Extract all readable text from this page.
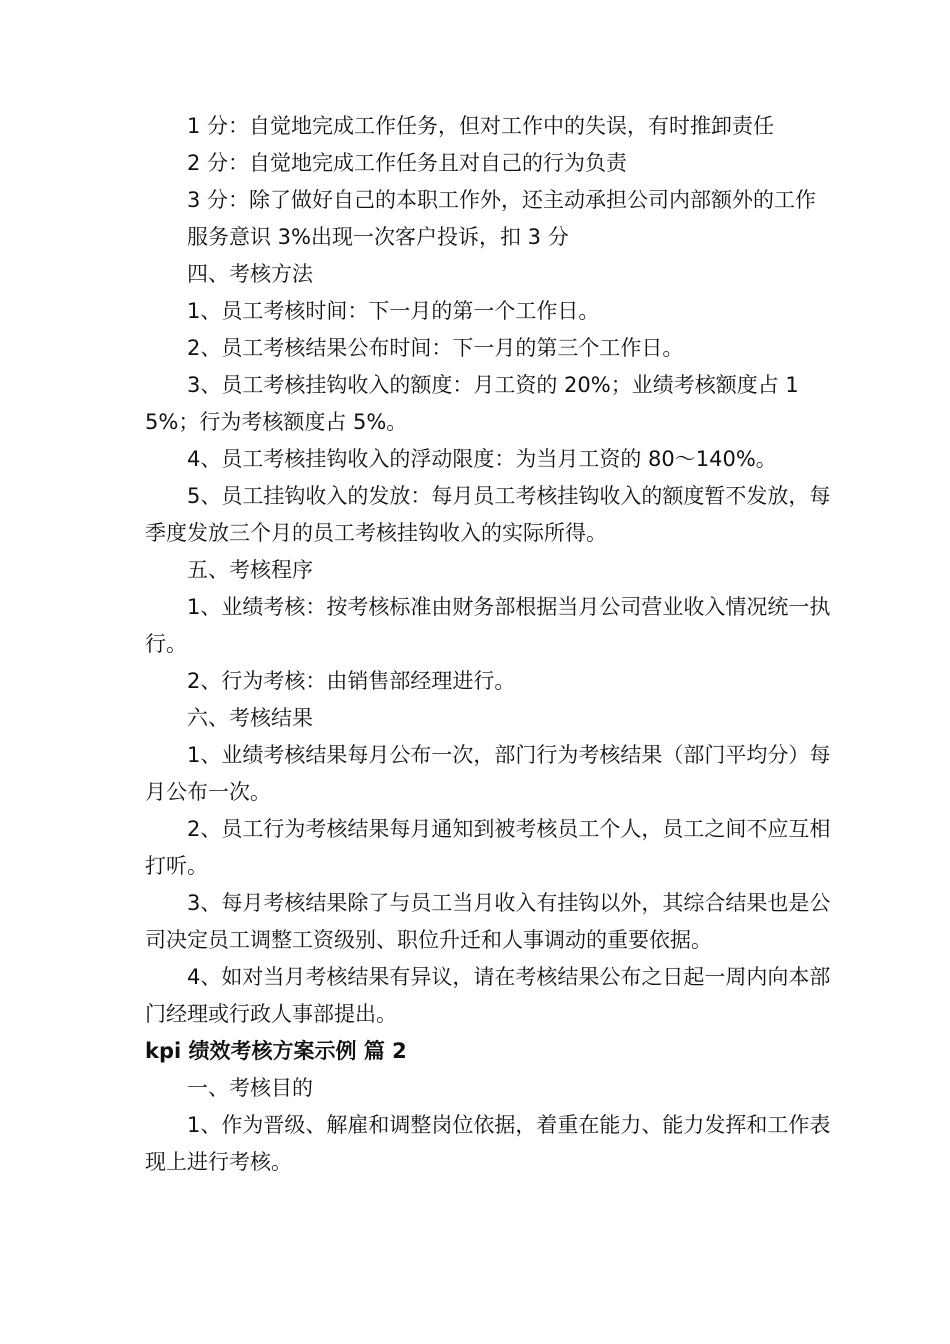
1 分：自觉地完成工作任务，但对工作中的失误，有时推卸责任

2 分：自觉地完成工作任务且对自己的行为负责

3 分：除了做好自己的本职工作外，还主动承担公司内部额外的工作

服务意识 3%出现一次客户投诉，扣 3 分

四、考核方法

1、员工考核时间：下一月的第一个工作日。

2、员工考核结果公布时间：下一月的第三个工作日。

3、员工考核挂钩收入的额度：月工资的 20%；业绩考核额度占 15%；行为考核额度占 5%。

4、员工考核挂钩收入的浮动限度：为当月工资的 80～140%。

5、员工挂钩收入的发放：每月员工考核挂钩收入的额度暂不发放，每季度发放三个月的员工考核挂钩收入的实际所得。

五、考核程序

1、业绩考核：按考核标准由财务部根据当月公司营业收入情况统一执行。

2、行为考核：由销售部经理进行。

六、考核结果

1、业绩考核结果每月公布一次，部门行为考核结果（部门平均分）每月公布一次。

2、员工行为考核结果每月通知到被考核员工个人，员工之间不应互相打听。

3、每月考核结果除了与员工当月收入有挂钩以外，其综合结果也是公司决定员工调整工资级别、职位升迁和人事调动的重要依据。

4、如对当月考核结果有异议，请在考核结果公布之日起一周内向本部门经理或行政人事部提出。

kpi 绩效考核方案示例 篇 2

一、考核目的

1、作为晋级、解雇和调整岗位依据，着重在能力、能力发挥和工作表现上进行考核。
